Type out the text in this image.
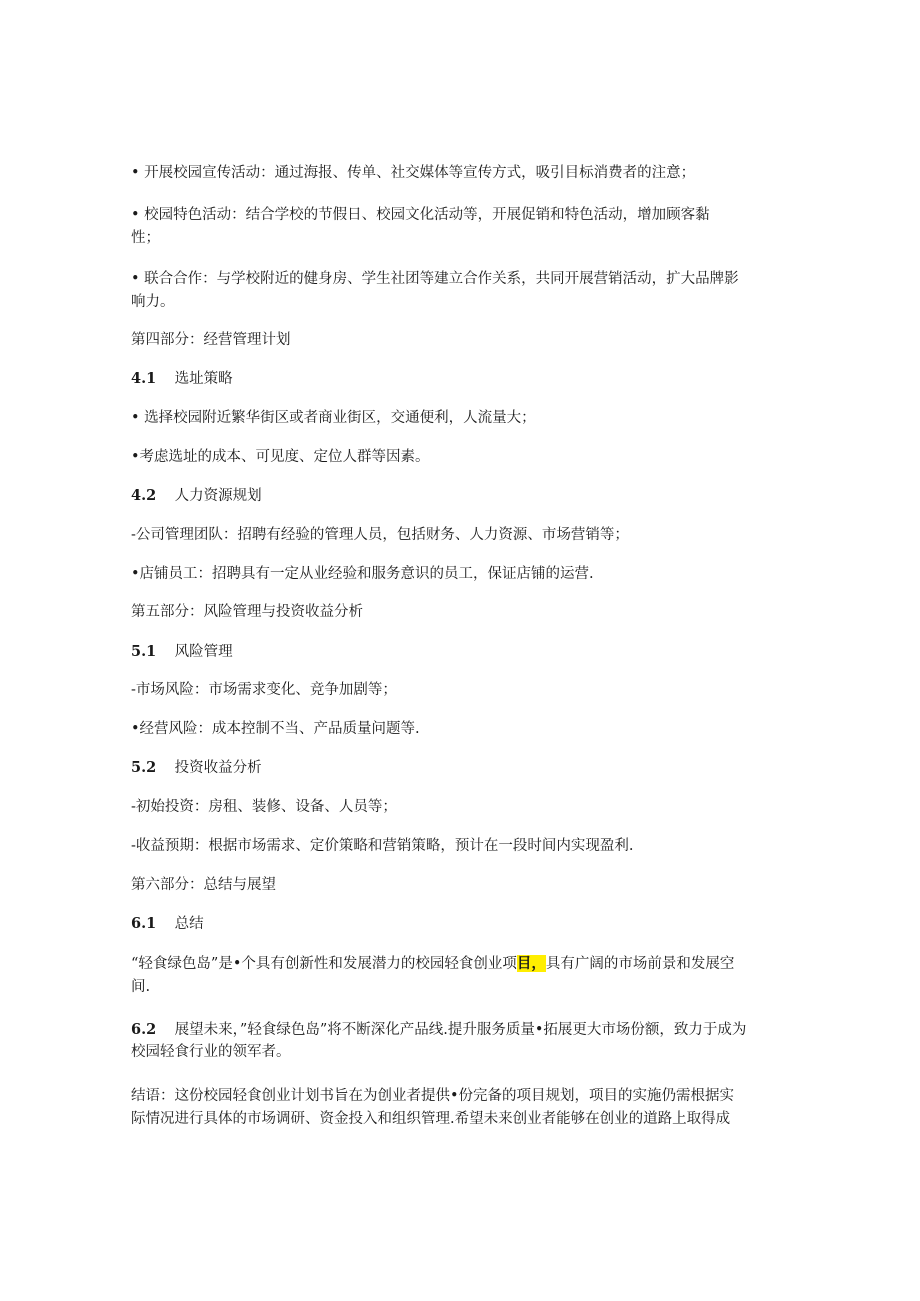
• 开展校园宣传活动：通过海报、传单、社交媒体等宣传方式，吸引目标消费者的注意；
• 校园特色活动：结合学校的节假日、校园文化活动等，开展促销和特色活动，增加顾客黏
性；
• 联合合作：与学校附近的健身房、学生社团等建立合作关系，共同开展营销活动，扩大品牌影
响力。
第四部分：经营管理计划
4.1 选址策略
• 选择校园附近繁华街区或者商业街区，交通便利，人流量大；
•考虑选址的成本、可见度、定位人群等因素。
4.2 人力资源规划
-公司管理团队：招聘有经验的管理人员，包括财务、人力资源、市场营销等；
•店铺员工：招聘具有一定从业经验和服务意识的员工，保证店铺的运营.
第五部分：风险管理与投资收益分析
5.1 风险管理
-市场风险：市场需求变化、竞争加剧等；
•经营风险：成本控制不当、产品质量问题等.
5.2 投资收益分析
-初始投资：房租、装修、设备、人员等；
-收益预期：根据市场需求、定价策略和营销策略，预计在一段时间内实现盈利.
第六部分：总结与展望
6.1 总结
“轻食绿色岛”是•个具有创新性和发展潜力的校园轻食创业项目，具有广阔的市场前景和发展空
间.
6.2 展望未来，”轻食绿色岛”将不断深化产品线.提升服务质量•拓展更大市场份额，致力于成为
校园轻食行业的领军者。
结语：这份校园轻食创业计划书旨在为创业者提供•份完备的项目规划，项目的实施仍需根据实
际情况进行具体的市场调研、资金投入和组织管理.希望未来创业者能够在创业的道路上取得成
